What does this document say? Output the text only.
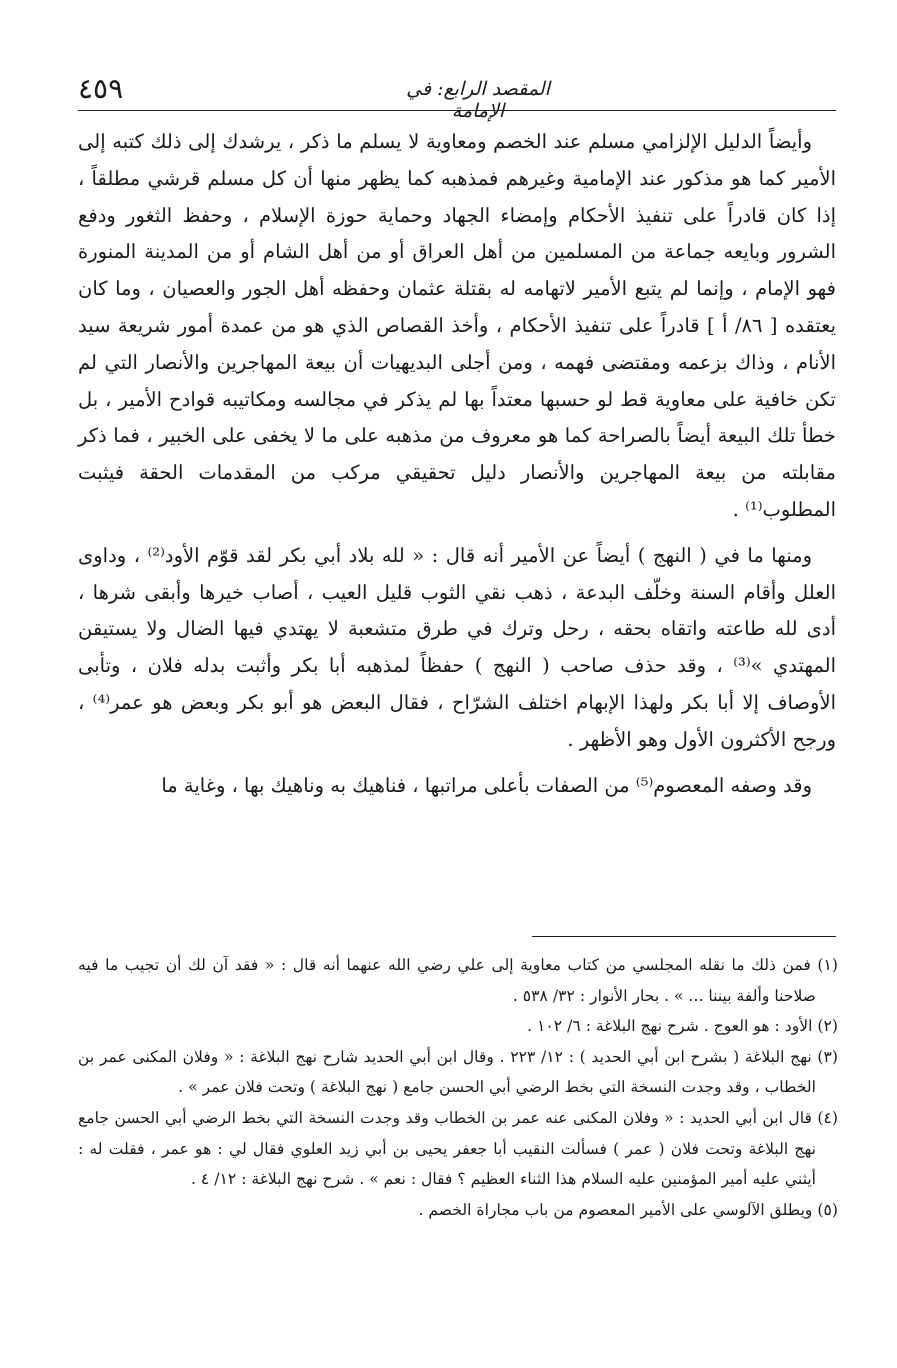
٤٥٩	المقصد الرابع: في الإمامة

وأيضاً الدليل الإلزامي مسلم عند الخصم ومعاوية لا يسلم ما ذكر ، يرشدك إلى ذلك كتبه إلى الأمير كما هو مذكور عند الإمامية وغيرهم فمذهبه كما يظهر منها أن كل مسلم قرشي مطلقاً ، إذا كان قادراً على تنفيذ الأحكام وإمضاء الجهاد وحماية حوزة الإسلام ، وحفظ الثغور ودفع الشرور وبايعه جماعة من المسلمين من أهل العراق أو من أهل الشام أو من المدينة المنورة فهو الإمام ، وإنما لم يتبع الأمير لاتهامه له بقتلة عثمان وحفظه أهل الجور والعصيان ، وما كان يعتقده [ ٨٦/ أ ] قادراً على تنفيذ الأحكام ، وأخذ القصاص الذي هو من عمدة أمور شريعة سيد الأنام ، وذاك بزعمه ومقتضى فهمه ، ومن أجلى البديهيات أن بيعة المهاجرين والأنصار التي لم تكن خافية على معاوية قط لو حسبها معتداً بها لم يذكر في مجالسه ومكاتيبه قوادح الأمير ، بل خطأ تلك البيعة أيضاً بالصراحة كما هو معروف من مذهبه على ما لا يخفى على الخبير ، فما ذكر مقابلته من بيعة المهاجرين والأنصار دليل تحقيقي مركب من المقدمات الحقة فيثبت المطلوب⁽¹⁾ .

ومنها ما في ( النهج ) أيضاً عن الأمير أنه قال : « لله بلاد أبي بكر لقد قوّم الأود⁽²⁾ ، وداوى العلل وأقام السنة وخلّف البدعة ، ذهب نقي الثوب قليل العيب ، أصاب خيرها وأبقى شرها ، أدى لله طاعته واتقاه بحقه ، رحل وترك في طرق متشعبة لا يهتدي فيها الضال ولا يستيقن المهتدي »⁽³⁾ ، وقد حذف صاحب ( النهج ) حفظاً لمذهبه أبا بكر وأثبت بدله فلان ، وتأبى الأوصاف إلا أبا بكر ولهذا الإبهام اختلف الشرّاح ، فقال البعض هو أبو بكر وبعض هو عمر⁽⁴⁾ ، ورجح الأكثرون الأول وهو الأظهر .

وقد وصفه المعصوم⁽⁵⁾ من الصفات بأعلى مراتبها ، فناهيك به وناهيك بها ، وغاية ما

(١) فمن ذلك ما نقله المجلسي من كتاب معاوية إلى علي رضي الله عنهما أنه قال : « فقد آن لك أن تجيب ما فيه صلاحنا وألفة بيننا ... » . بحار الأنوار : ٣٢/ ٥٣٨ .

(٢) الأود : هو العوج . شرح نهج البلاغة : ٦/ ١٠٢ .

(٣) نهج البلاغة ( بشرح ابن أبي الحديد ) : ١٢/ ٢٢٣ . وقال ابن أبي الحديد شارح نهج البلاغة : « وفلان المكنى عمر بن الخطاب ، وقد وجدت النسخة التي بخط الرضي أبي الحسن جامع ( نهج البلاغة ) وتحت فلان عمر » .

(٤) قال ابن أبي الحديد : « وفلان المكنى عنه عمر بن الخطاب وقد وجدت النسخة التي بخط الرضي أبي الحسن جامع نهج البلاغة وتحت فلان ( عمر ) فسألت النقيب أبا جعفر يحيى بن أبي زيد العلوي فقال لي : هو عمر ، فقلت له : أيثني عليه أمير المؤمنين عليه السلام هذا الثناء العظيم ؟ فقال : نعم » . شرح نهج البلاغة : ١٢/ ٤ .

(٥) ويطلق الآلوسي على الأمير المعصوم من باب مجاراة الخصم .
